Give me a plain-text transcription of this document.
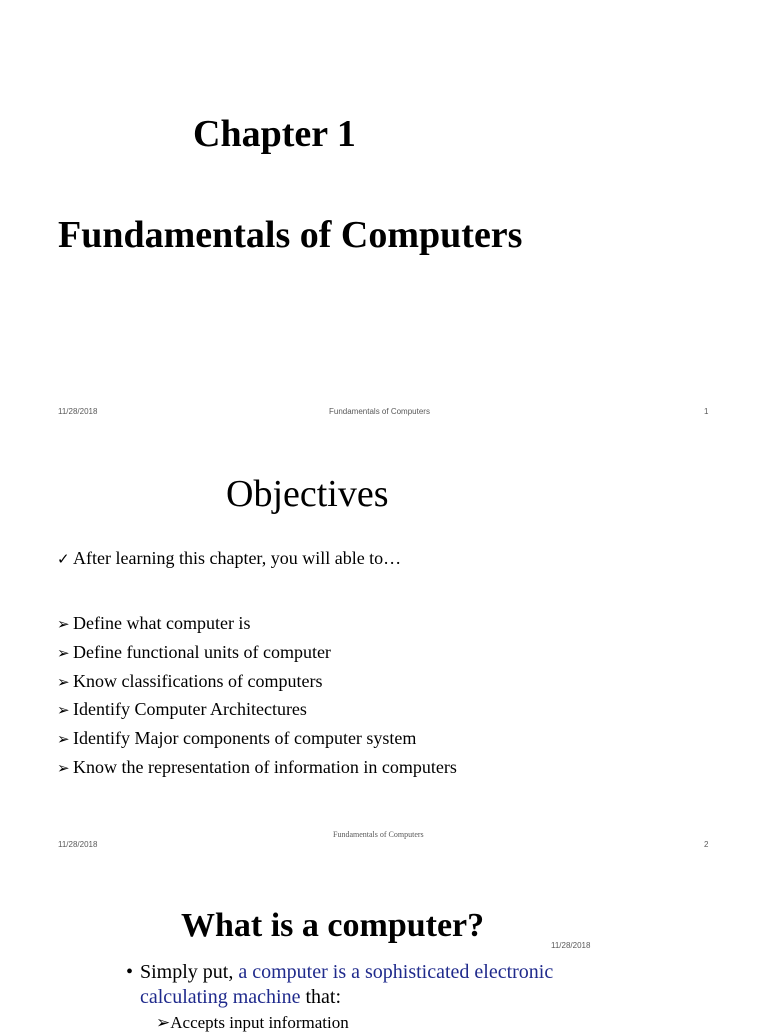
Chapter 1
Fundamentals of Computers
11/28/2018	Fundamentals of Computers	1
Objectives
✓ After learning this chapter, you will able to…
➢ Define what computer is
➢ Define functional units of computer
➢ Know classifications of computers
➢ Identify Computer Architectures
➢ Identify Major components of computer system
➢ Know the representation of information in computers
Fundamentals of Computers
11/28/2018	2
What is a computer?
11/28/2018
• Simply put, a computer is a sophisticated electronic
calculating machine that:
➢Accepts input information
